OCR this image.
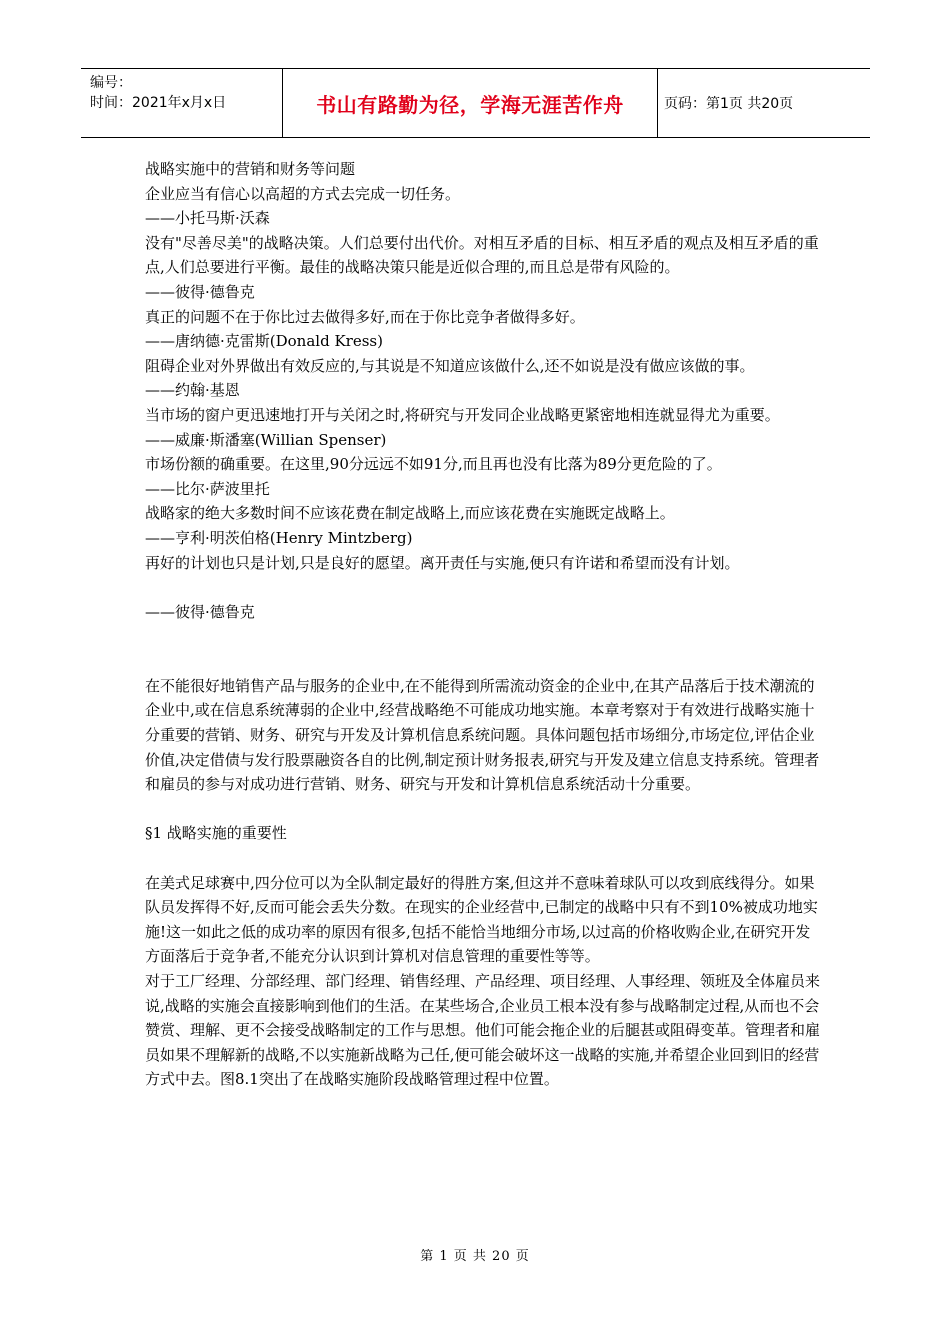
编号：
时间：2021年x月x日	书山有路勤为径，学海无涯苦作舟	页码：第1页 共20页

战略实施中的营销和财务等问题

企业应当有信心以高超的方式去完成一切任务。

——小托马斯·沃森

没有"尽善尽美"的战略决策。人们总要付出代价。对相互矛盾的目标、相互矛盾的观点及相互矛盾的重点,人们总要进行平衡。最佳的战略决策只能是近似合理的,而且总是带有风险的。

——彼得·德鲁克

真正的问题不在于你比过去做得多好,而在于你比竞争者做得多好。

——唐纳德·克雷斯(Donald Kress)

阻碍企业对外界做出有效反应的,与其说是不知道应该做什么,还不如说是没有做应该做的事。

——约翰·基恩

当市场的窗户更迅速地打开与关闭之时,将研究与开发同企业战略更紧密地相连就显得尤为重要。

——威廉·斯潘塞(Willian Spenser)

市场份额的确重要。在这里,90分远远不如91分,而且再也没有比落为89分更危险的了。

——比尔·萨波里托

战略家的绝大多数时间不应该花费在制定战略上,而应该花费在实施既定战略上。

——亨利·明茨伯格(Henry Mintzberg)

再好的计划也只是计划,只是良好的愿望。离开责任与实施,便只有许诺和希望而没有计划。

——彼得·德鲁克

在不能很好地销售产品与服务的企业中,在不能得到所需流动资金的企业中,在其产品落后于技术潮流的企业中,或在信息系统薄弱的企业中,经营战略绝不可能成功地实施。本章考察对于有效进行战略实施十分重要的营销、财务、研究与开发及计算机信息系统问题。具体问题包括市场细分,市场定位,评估企业价值,决定借债与发行股票融资各自的比例,制定预计财务报表,研究与开发及建立信息支持系统。管理者和雇员的参与对成功进行营销、财务、研究与开发和计算机信息系统活动十分重要。

§1 战略实施的重要性

在美式足球赛中,四分位可以为全队制定最好的得胜方案,但这并不意味着球队可以攻到底线得分。如果队员发挥得不好,反而可能会丢失分数。在现实的企业经营中,已制定的战略中只有不到10%被成功地实施!这一如此之低的成功率的原因有很多,包括不能恰当地细分市场,以过高的价格收购企业,在研究开发方面落后于竞争者,不能充分认识到计算机对信息管理的重要性等等。

对于工厂经理、分部经理、部门经理、销售经理、产品经理、项目经理、人事经理、领班及全体雇员来说,战略的实施会直接影响到他们的生活。在某些场合,企业员工根本没有参与战略制定过程,从而也不会赞赏、理解、更不会接受战略制定的工作与思想。他们可能会拖企业的后腿甚或阻碍变革。管理者和雇员如果不理解新的战略,不以实施新战略为己任,便可能会破坏这一战略的实施,并希望企业回到旧的经营方式中去。图8.1突出了在战略实施阶段战略管理过程中位置。

第 1 页 共 20 页
